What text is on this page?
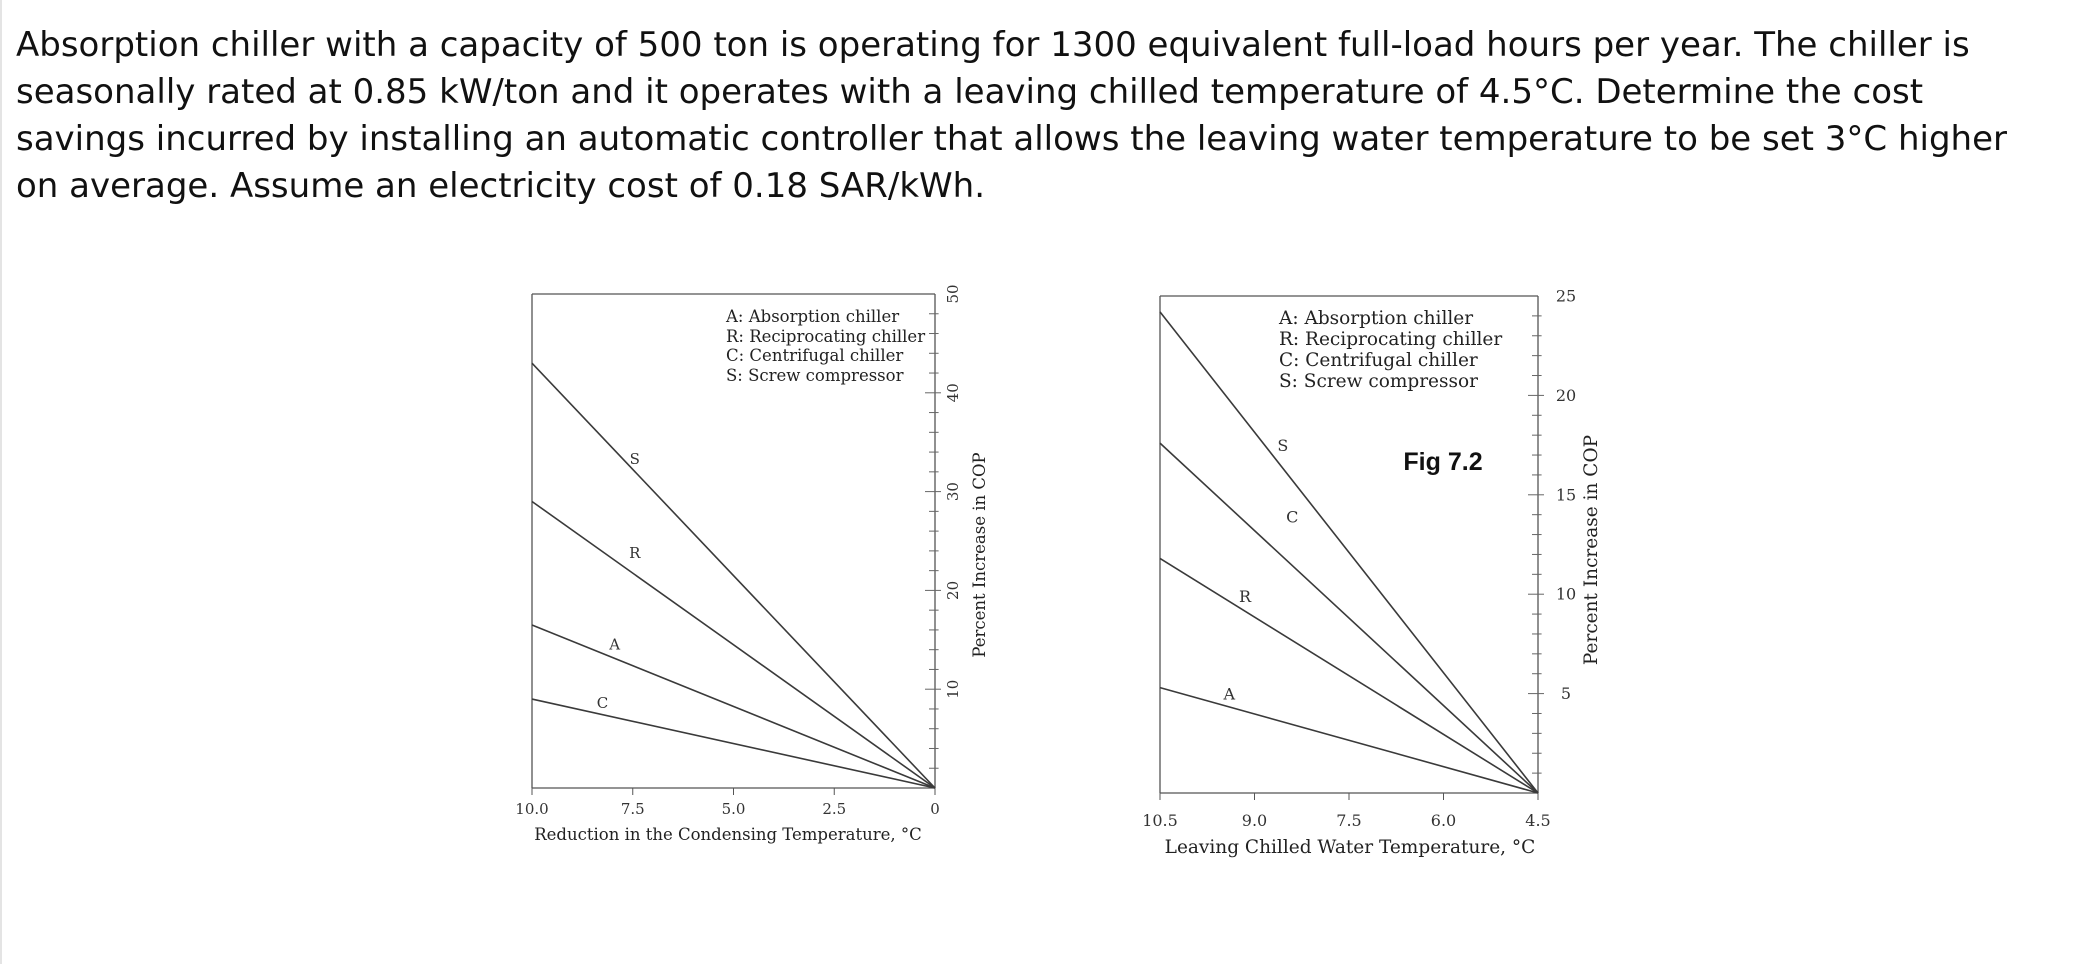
Absorption chiller with a capacity of 500 ton is operating for 1300 equivalent full-load hours per year. The chiller is seasonally rated at 0.85 kW/ton and it operates with a leaving chilled temperature of 4.5°C. Determine the cost savings incurred by installing an automatic controller that allows the leaving water temperature to be set 3°C higher on average. Assume an electricity cost of 0.18 SAR/kWh.

10
20
30
40
50
10.0	7.5	5.0	2.5	0
Reduction in the Condensing Temperature, °C
Percent Increase in COP
S
R
A
C
A: Absorption chiller
R: Reciprocating chiller
C: Centrifugal chiller
S: Screw compressor
5
10
15
20
25
10.5	9.0	7.5	6.0	4.5
Leaving Chilled Water Temperature, °C
Percent Increase in COP
Fig 7.2
S
C
R
A
A: Absorption chiller
R: Reciprocating chiller
C: Centrifugal chiller
S: Screw compressor
